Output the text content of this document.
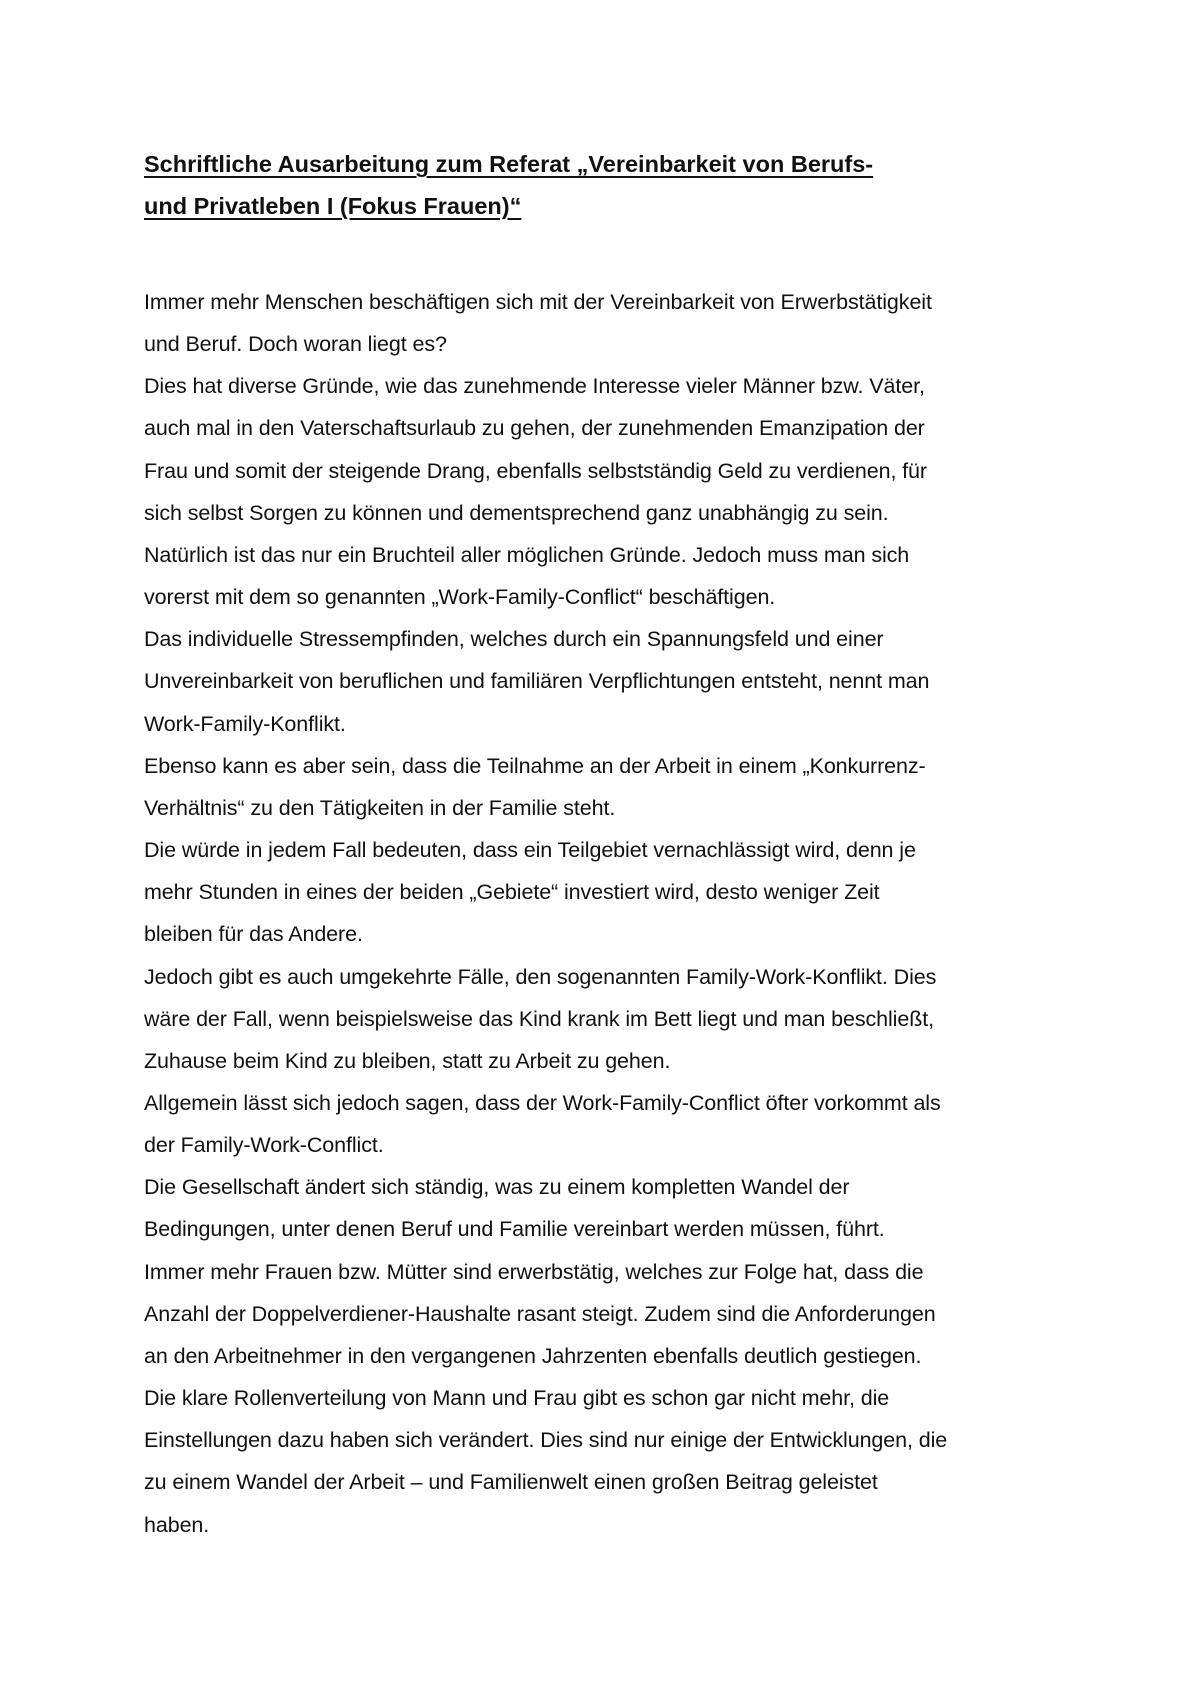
Schriftliche Ausarbeitung zum Referat „Vereinbarkeit von Berufs-
und Privatleben I (Fokus Frauen)“
Immer mehr Menschen beschäftigen sich mit der Vereinbarkeit von Erwerbstätigkeit
und Beruf. Doch woran liegt es?
Dies hat diverse Gründe, wie das zunehmende Interesse vieler Männer bzw. Väter,
auch mal in den Vaterschaftsurlaub zu gehen, der zunehmenden Emanzipation der
Frau und somit der steigende Drang, ebenfalls selbstständig Geld zu verdienen, für
sich selbst Sorgen zu können und dementsprechend ganz unabhängig zu sein.
Natürlich ist das nur ein Bruchteil aller möglichen Gründe. Jedoch muss man sich
vorerst mit dem so genannten „Work-Family-Conflict“ beschäftigen.
Das individuelle Stressempfinden, welches durch ein Spannungsfeld und einer
Unvereinbarkeit von beruflichen und familiären Verpflichtungen entsteht, nennt man
Work-Family-Konflikt.
Ebenso kann es aber sein, dass die Teilnahme an der Arbeit in einem „Konkurrenz-
Verhältnis“ zu den Tätigkeiten in der Familie steht.
Die würde in jedem Fall bedeuten, dass ein Teilgebiet vernachlässigt wird, denn je
mehr Stunden in eines der beiden „Gebiete“ investiert wird, desto weniger Zeit
bleiben für das Andere.
Jedoch gibt es auch umgekehrte Fälle, den sogenannten Family-Work-Konflikt. Dies
wäre der Fall, wenn beispielsweise das Kind krank im Bett liegt und man beschließt,
Zuhause beim Kind zu bleiben, statt zu Arbeit zu gehen.
Allgemein lässt sich jedoch sagen, dass der Work-Family-Conflict öfter vorkommt als
der Family-Work-Conflict.
Die Gesellschaft ändert sich ständig, was zu einem kompletten Wandel der
Bedingungen, unter denen Beruf und Familie vereinbart werden müssen, führt.
Immer mehr Frauen bzw. Mütter sind erwerbstätig, welches zur Folge hat, dass die
Anzahl der Doppelverdiener-Haushalte rasant steigt. Zudem sind die Anforderungen
an den Arbeitnehmer in den vergangenen Jahrzenten ebenfalls deutlich gestiegen.
Die klare Rollenverteilung von Mann und Frau gibt es schon gar nicht mehr, die
Einstellungen dazu haben sich verändert. Dies sind nur einige der Entwicklungen, die
zu einem Wandel der Arbeit – und Familienwelt einen großen Beitrag geleistet
haben.
